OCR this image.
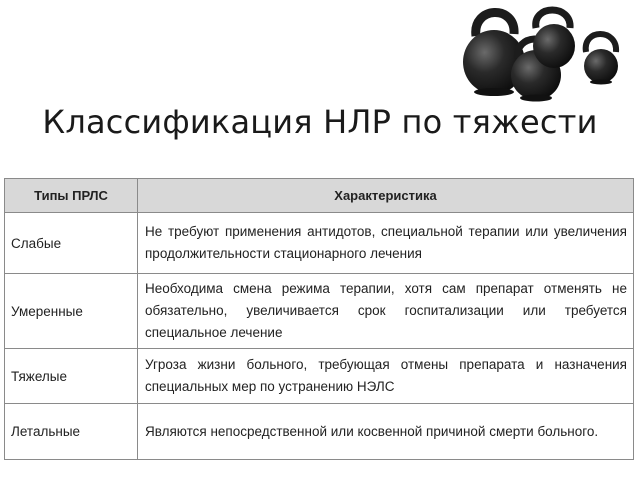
Классификация НЛР по тяжести
Типы ПРЛС	Характеристика
Слабые	Не требуют применения антидотов, специальной терапии или увеличения продолжительности стационарного лечения
Умеренные	Необходима смена режима терапии, хотя сам препарат отменять не обязательно, увеличивается срок госпитализации или требуется специальное лечение
Тяжелые	Угроза жизни больного, требующая отмены препарата и назначения специальных мер по устранению НЭЛС
Летальные	Являются непосредственной или косвенной причиной смерти больного.
